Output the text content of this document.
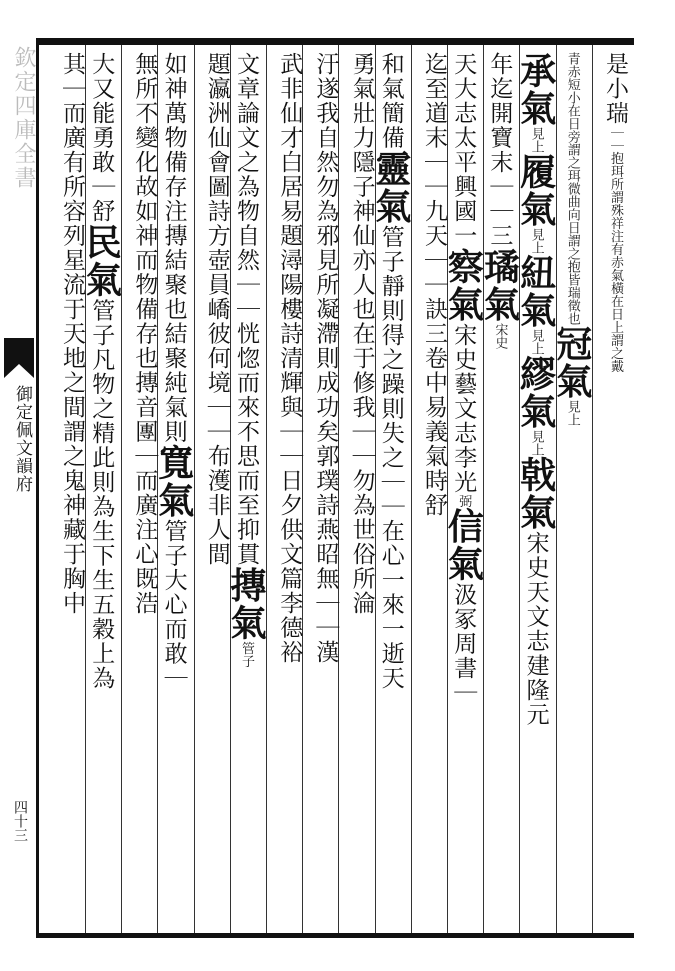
欽定四庫全書
御定佩文韻府
四十三
是小瑞｜｜抱珥所謂殊祥注有赤氣橫在日上謂之戴
青赤短小在日旁謂之珥微曲向日謂之抱皆瑞徵也冠氣見上
承氣見上履氣見上紐氣見上繆氣見上戟氣宋史天文志建隆元
年迄開寶末｜｜三璚氣宋史
天大志太平興國一察氣宋史藝文志李光弼信氣汲冢周書｜
迄至道末｜｜九天｜｜訣三卷中易義氣時舒
和氣簡備靈氣管子靜則得之躁則失之｜｜在心一來一逝天
勇氣壯力隱子神仙亦人也在于修我｜｜勿為世俗所淪
汙遂我自然勿為邪見所凝滯則成功矣郭璞詩燕昭無｜｜漢
武非仙才白居易題潯陽樓詩清輝與｜｜日夕供文篇李德裕
文章論文之為物自然｜｜恍惚而來不思而至抑貫摶氣管子
題瀛洲仙會圖詩方壺員嶠彼何境｜｜布濩非人間
如神萬物備存注摶結聚也結聚純氣則寬氣管子大心而敢｜
無所不變化故如神而物備存也摶音團｜而廣注心既浩
大又能勇敢｜舒民氣管子凡物之精此則為生下生五穀上為
其｜而廣有所容列星流于天地之間謂之鬼神藏于胸中
